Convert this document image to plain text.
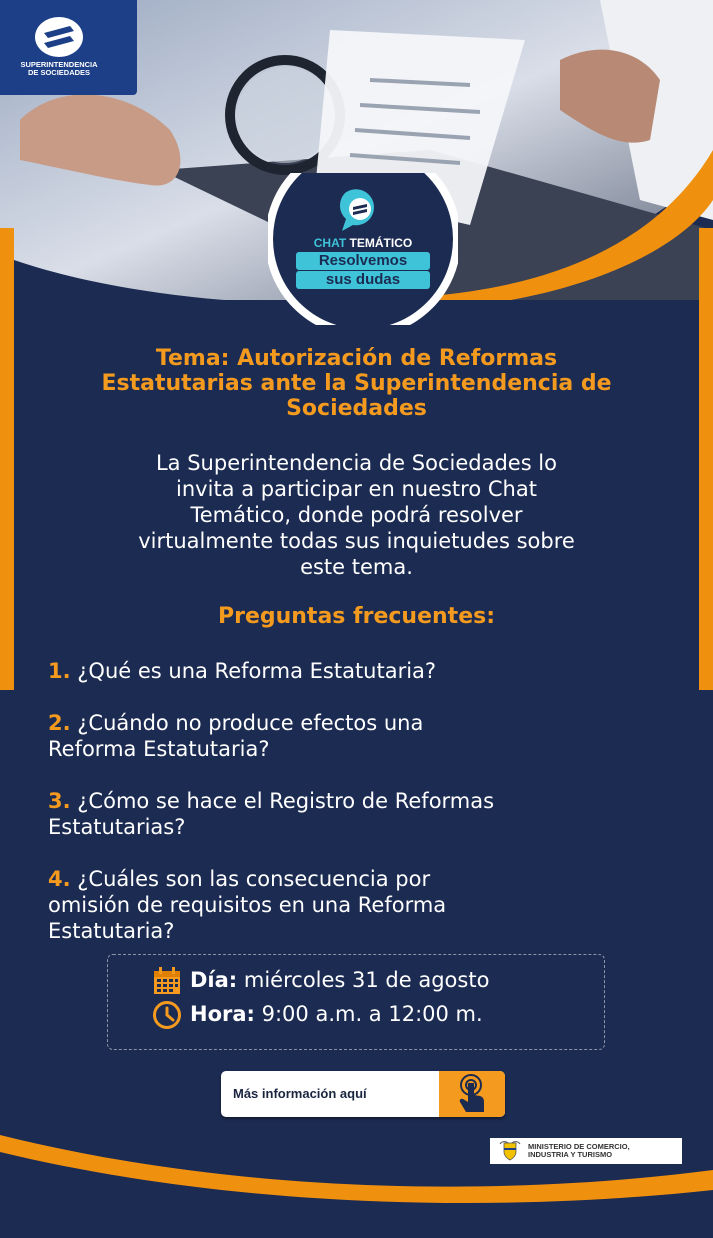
SUPERINTENDENCIA
DE SOCIEDADES
CHAT TEMÁTICO
Resolvemos
sus dudas
Tema: Autorización de Reformas
Estatutarias ante la Superintendencia de
Sociedades
La Superintendencia de Sociedades lo
invita a participar en nuestro Chat
Temático, donde podrá resolver
virtualmente todas sus inquietudes sobre
este tema.
Preguntas frecuentes:
1. ¿Qué es una Reforma Estatutaria?
2. ¿Cuándo no produce efectos una
Reforma Estatutaria?
3. ¿Cómo se hace el Registro de Reformas
Estatutarias?
4. ¿Cuáles son las consecuencia por
omisión de requisitos en una Reforma
Estatutaria?
Día: miércoles 31 de agosto
Hora: 9:00 a.m. a 12:00 m.
Más información aquí
MINISTERIO DE COMERCIO,
INDUSTRIA Y TURISMO
